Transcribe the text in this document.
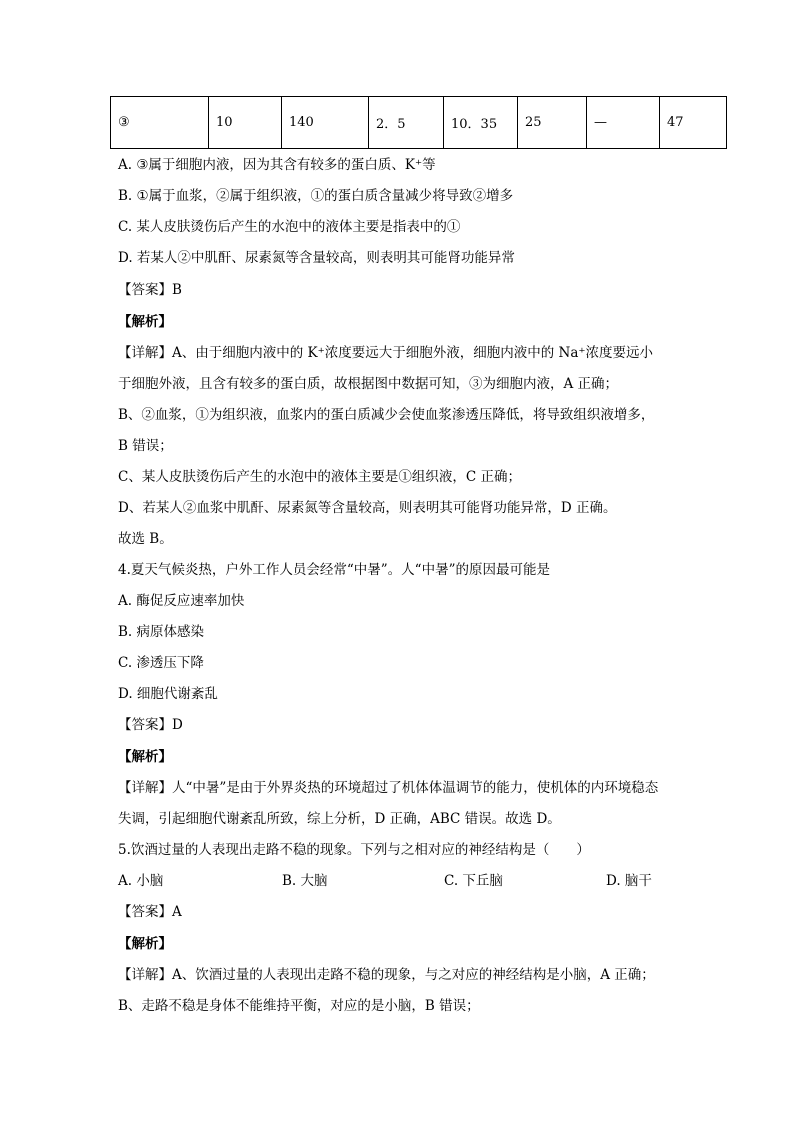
③	10	140	2．5	10．35	25	—	47
A. ③属于细胞内液，因为其含有较多的蛋白质、K⁺等
B. ①属于血浆，②属于组织液，①的蛋白质含量减少将导致②增多
C. 某人皮肤烫伤后产生的水泡中的液体主要是指表中的①
D. 若某人②中肌酐、尿素氮等含量较高，则表明其可能肾功能异常
【答案】B
【解析】
【详解】A、由于细胞内液中的 K⁺浓度要远大于细胞外液，细胞内液中的 Na⁺浓度要远小
于细胞外液，且含有较多的蛋白质，故根据图中数据可知，③为细胞内液，A 正确；
B、②血浆，①为组织液，血浆内的蛋白质减少会使血浆渗透压降低，将导致组织液增多，
B 错误；
C、某人皮肤烫伤后产生的水泡中的液体主要是①组织液，C 正确；
D、若某人②血浆中肌酐、尿素氮等含量较高，则表明其可能肾功能异常，D 正确。
故选 B。
4.夏天气候炎热，户外工作人员会经常“中暑”。人“中暑”的原因最可能是
A. 酶促反应速率加快
B. 病原体感染
C. 渗透压下降
D. 细胞代谢紊乱
【答案】D
【解析】
【详解】人“中暑”是由于外界炎热的环境超过了机体体温调节的能力，使机体的内环境稳态
失调，引起细胞代谢紊乱所致，综上分析，D 正确，ABC 错误。故选 D。
5.饮酒过量的人表现出走路不稳的现象。下列与之相对应的神经结构是（　　）
A. 小脑	B. 大脑	C. 下丘脑	D. 脑干
【答案】A
【解析】
【详解】A、饮酒过量的人表现出走路不稳的现象，与之对应的神经结构是小脑，A 正确；
B、走路不稳是身体不能维持平衡，对应的是小脑，B 错误；
